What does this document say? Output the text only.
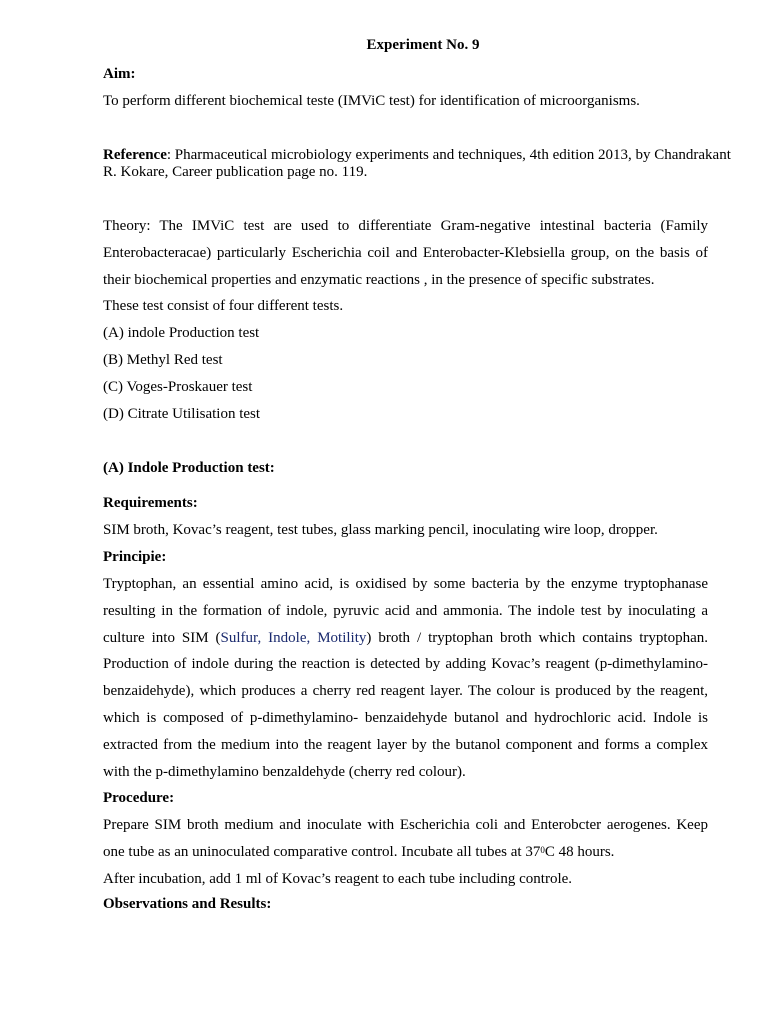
Experiment No. 9
Aim:
To perform different biochemical teste (IMViC test) for identification of microorganisms.
Reference: Pharmaceutical microbiology experiments and techniques, 4th edition 2013, by Chandrakant
R. Kokare, Career publication page no. 119.
Theory: The IMViC test are used to differentiate Gram-negative intestinal bacteria (Family
Enterobacteracae) particularly Escherichia coil and Enterobacter-Klebsiella group, on the basis of
their biochemical properties and enzymatic reactions , in the presence of specific substrates.
These test consist of four different tests.
(A) indole Production test
(B) Methyl Red test
(C) Voges-Proskauer test
(D) Citrate Utilisation test
(A) Indole Production test:
Requirements:
SIM broth, Kovac’s reagent, test tubes, glass marking pencil, inoculating wire loop, dropper.
Principie:
Tryptophan, an essential amino acid, is oxidised by some bacteria by the enzyme tryptophanase
resulting in the formation of indole, pyruvic acid and ammonia. The indole test by inoculating a
culture into SIM (Sulfur, Indole, Motility) broth / tryptophan broth which contains tryptophan.
Production of indole during the reaction is detected by adding Kovac’s reagent (p-dimethylamino-
benzaidehyde), which produces a cherry red reagent layer. The colour is produced by the reagent,
which is composed of p-dimethylamino- benzaidehyde butanol and hydrochloric acid. Indole is
extracted from the medium into the reagent layer by the butanol component and forms a complex
with the p-dimethylamino benzaldehyde (cherry red colour).
Procedure:
Prepare SIM broth medium and inoculate with Escherichia coli and Enterobcter aerogenes. Keep
one tube as an uninoculated comparative control. Incubate all tubes at $37^0C$ 48 hours.
After incubation, add 1 ml of Kovac’s reagent to each tube including controle.
Observations and Results:
